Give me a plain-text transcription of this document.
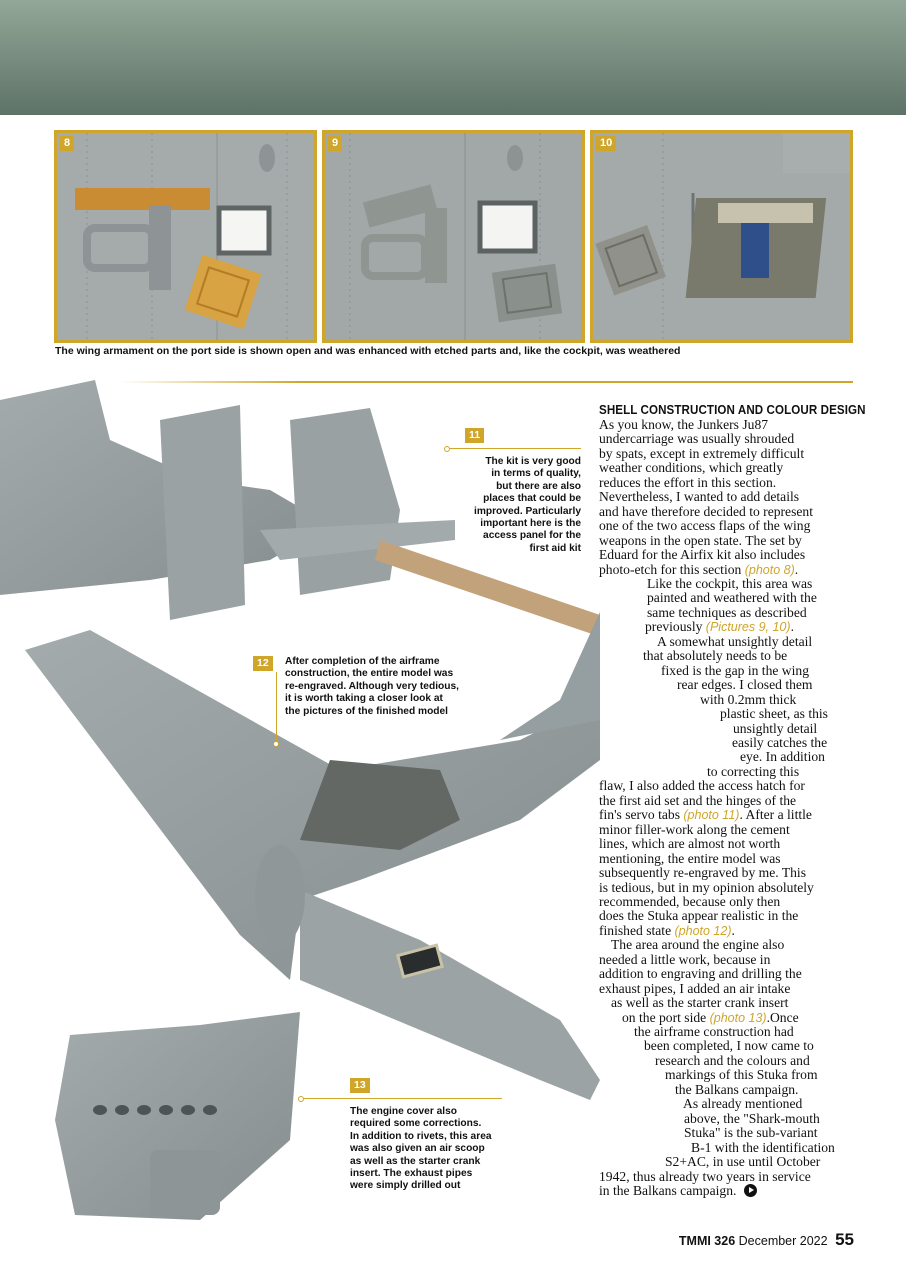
8	9	10
The wing armament on the port side is shown open and was enhanced with etched parts and, like the cockpit, was weathered
11
The kit is very good
in terms of quality,
but there are also
places that could be
improved. Particularly
important here is the
access panel for the
first aid kit
12	After completion of the airframe
construction, the entire model was
re-engraved. Although very tedious,
it is worth taking a closer look at
the pictures of the finished model
13
The engine cover also
required some corrections.
In addition to rivets, this area
was also given an air scoop
as well as the starter crank
insert. The exhaust pipes
were simply drilled out
SHELL CONSTRUCTION AND COLOUR DESIGN
As you know, the Junkers Ju87
undercarriage was usually shrouded
by spats, except in extremely difficult
weather conditions, which greatly
reduces the effort in this section.
Nevertheless, I wanted to add details
and have therefore decided to represent
one of the two access flaps of the wing
weapons in the open state. The set by
Eduard for the Airfix kit also includes
photo-etch for this section (photo 8).
Like the cockpit, this area was
painted and weathered with the
same techniques as described
previously (Pictures 9, 10).
A somewhat unsightly detail
that absolutely needs to be
fixed is the gap in the wing
rear edges. I closed them
with 0.2mm thick
plastic sheet, as this
unsightly detail
easily catches the
eye. In addition
to correcting this
flaw, I also added the access hatch for
the first aid set and the hinges of the
fin's servo tabs (photo 11). After a little
minor filler-work along the cement
lines, which are almost not worth
mentioning, the entire model was
subsequently re-engraved by me. This
is tedious, but in my opinion absolutely
recommended, because only then
does the Stuka appear realistic in the
finished state (photo 12).
The area around the engine also
needed a little work, because in
addition to engraving and drilling the
exhaust pipes, I added an air intake
as well as the starter crank insert
on the port side (photo 13).Once
the airframe construction had
been completed, I now came to
research and the colours and
markings of this Stuka from
the Balkans campaign.
As already mentioned
above, the "Shark-mouth
Stuka" is the sub-variant
B-1 with the identification
S2+AC, in use until October
1942, thus already two years in service
in the Balkans campaign.
TMMI 326 December 2022 55
